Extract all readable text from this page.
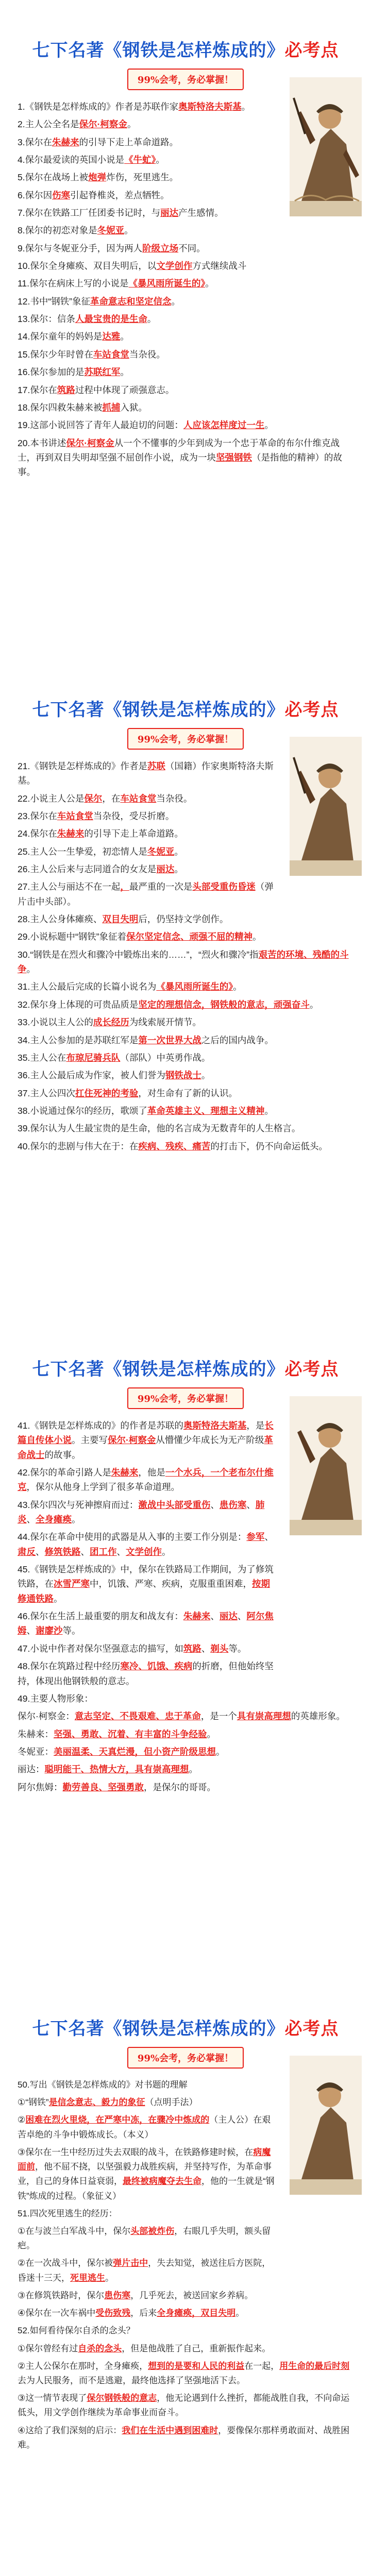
七下名著《钢铁是怎样炼成的》必考点
99%会考，务必掌握！
1.《钢铁是怎样炼成的》作者是苏联作家奥斯特洛夫斯基。
2.主人公全名是保尔·柯察金。
3.保尔在朱赫来的引导下走上革命道路。
4.保尔最爱读的英国小说是《牛虻》。
5.保尔在战场上被炮弹炸伤，死里逃生。
6.保尔因伤寒引起脊椎炎，差点牺牲。
7.保尔在铁路工厂任团委书记时，与丽达产生感情。
8.保尔的初恋对象是冬妮亚。
9.保尔与冬妮亚分手，因为两人阶级立场不同。
10.保尔全身瘫痪、双目失明后，以文学创作方式继续战斗
11.保尔在病床上写的小说是《暴风雨所诞生的》。
12.书中“钢铁”象征革命意志和坚定信念。
13.保尔：信条人最宝贵的是生命。
14.保尔童年的妈妈是达雅。
15.保尔少年时曾在车站食堂当杂役。
16.保尔参加的是苏联红军。
17.保尔在筑路过程中体现了顽强意志。
18.保尔四救朱赫来被抓捕入狱。
19.这部小说回答了青年人最迫切的问题：人应该怎样度过一生。
20.本书讲述保尔·柯察金从一个不懂事的少年到成为一个忠于革命的布尔什维克战士，再到双目失明却坚强不屈创作小说，成为一块坚强钢铁（是指他的精神）的故事。
七下名著《钢铁是怎样炼成的》必考点
99%会考，务必掌握！
21.《钢铁是怎样炼成的》作者是苏联（国籍）作家奥斯特洛夫斯基。
22.小说主人公是保尔，在车站食堂当杂役。
23.保尔在车站食堂当杂役，受尽折磨。
24.保尔在朱赫来的引导下走上革命道路。
25.主人公一生挚爱，初恋情人是冬妮亚。
26.主人公后来与志同道合的女友是丽达。
27.主人公与丽达不在一起，最严重的一次是头部受重伤昏迷（弹片击中头部）。
28.主人公身体瘫痪、双目失明后，仍坚持文学创作。
29.小说标题中“钢铁”象征着保尔坚定信念、顽强不屈的精神。
30.“钢铁是在烈火和骤冷中锻炼出来的……”，“烈火和骤冷”指艰苦的环境、残酷的斗争。
31.主人公最后完成的长篇小说名为《暴风雨所诞生的》。
32.保尔身上体现的可贵品质是坚定的理想信念，钢铁般的意志，顽强奋斗。
33.小说以主人公的成长经历为线索展开情节。
34.主人公参加的是苏联红军是第一次世界大战之后的国内战争。
35.主人公在布琼尼骑兵队（部队）中英勇作战。
36.主人公最后成为作家，被人们誉为钢铁战士。
37.主人公四次扛住死神的考验，对生命有了新的认识。
38.小说通过保尔的经历，歌颂了革命英雄主义、理想主义精神。
39.保尔认为人生最宝贵的是生命，他的名言成为无数青年的人生格言。
40.保尔的悲剧与伟大在于：在疾病、残疾、痛苦的打击下，仍不向命运低头。
七下名著《钢铁是怎样炼成的》必考点
99%会考，务必掌握！
41.《钢铁是怎样炼成的》的作者是苏联的奥斯特洛夫斯基，是长篇自传体小说。主要写保尔·柯察金从懵懂少年成长为无产阶级革命战士的故事。
42.保尔的革命引路人是朱赫来，他是一个水兵，一个老布尔什维克，保尔从他身上学到了很多革命道理。
43.保尔四次与死神擦肩而过：激战中头部受重伤、患伤寒、肺炎、全身瘫痪。
44.保尔在革命中使用的武器是从入事的主要工作分别是：参军、肃反、修筑铁路、团工作、文学创作。
45.《钢铁是怎样炼成的》中，保尔在铁路局工作期间，为了修筑铁路，在冰雪严寒中，饥饿、严寒、疾病，克服重重困难，按期修通铁路。
46.保尔在生活上最重要的朋友和战友有：朱赫来、丽达、阿尔焦姆、谢廖沙等。
47.小说中作者对保尔坚强意志的描写，如筑路、剃头等。
48.保尔在筑路过程中经历寒冷、饥饿、疾病的折磨，但他始终坚持，体现出他钢铁般的意志。
49.主要人物形象：
保尔·柯察金：意志坚定、不畏艰难、忠于革命，是一个具有崇高理想的英雄形象。
朱赫来：坚强、勇敢、沉着、有丰富的斗争经验。
冬妮亚：美丽温柔、天真烂漫，但小资产阶级思想。
丽达：聪明能干、热情大方，具有崇高理想。
阿尔焦姆：勤劳善良、坚强勇敢，是保尔的哥哥。
七下名著《钢铁是怎样炼成的》必考点
99%会考，务必掌握！
50.写出《钢铁是怎样炼成的》对书题的理解
①“钢铁”是信念意志、毅力的象征（点明手法）
②困难在烈火里烧，在严寒中冻，在骤冷中炼成的（主人公）在艰苦卓绝的斗争中锻炼成长。（本义）
③保尔在一生中经历过失去双眼的战斗，在铁路修建时候，在病魔面前，他不屈不挠，以坚强毅力战胜疾病，并坚持写作，为革命事业，自己的身体日益衰弱，最终被病魔夺去生命，他的一生就是“钢铁”炼成的过程。（象征义）
51.四次死里逃生的经历：
①在与波兰白军战斗中，保尔头部被炸伤，右眼几乎失明，额头留疤。
②在一次战斗中，保尔被弹片击中，失去知觉，被送往后方医院，昏迷十三天，死里逃生。
③在修筑铁路时，保尔患伤寒，几乎死去，被送回家乡养病。
④保尔在一次车祸中受伤致残，后来全身瘫痪，双目失明。
52.如何看待保尔自杀的念头？
①保尔曾经有过自杀的念头，但是他战胜了自己，重新振作起来。
②主人公保尔在那时，全身瘫痪，想到的是要和人民的利益在一起，用生命的最后时刻去为人民服务，而不是逃避，最终他选择了坚强地活下去。
③这一情节表现了保尔钢铁般的意志，他无论遇到什么挫折，都能战胜自我，不向命运低头，用文学创作继续为革命事业而奋斗。
④这给了我们深刻的启示：我们在生活中遇到困难时，要像保尔那样勇敢面对、战胜困难。
